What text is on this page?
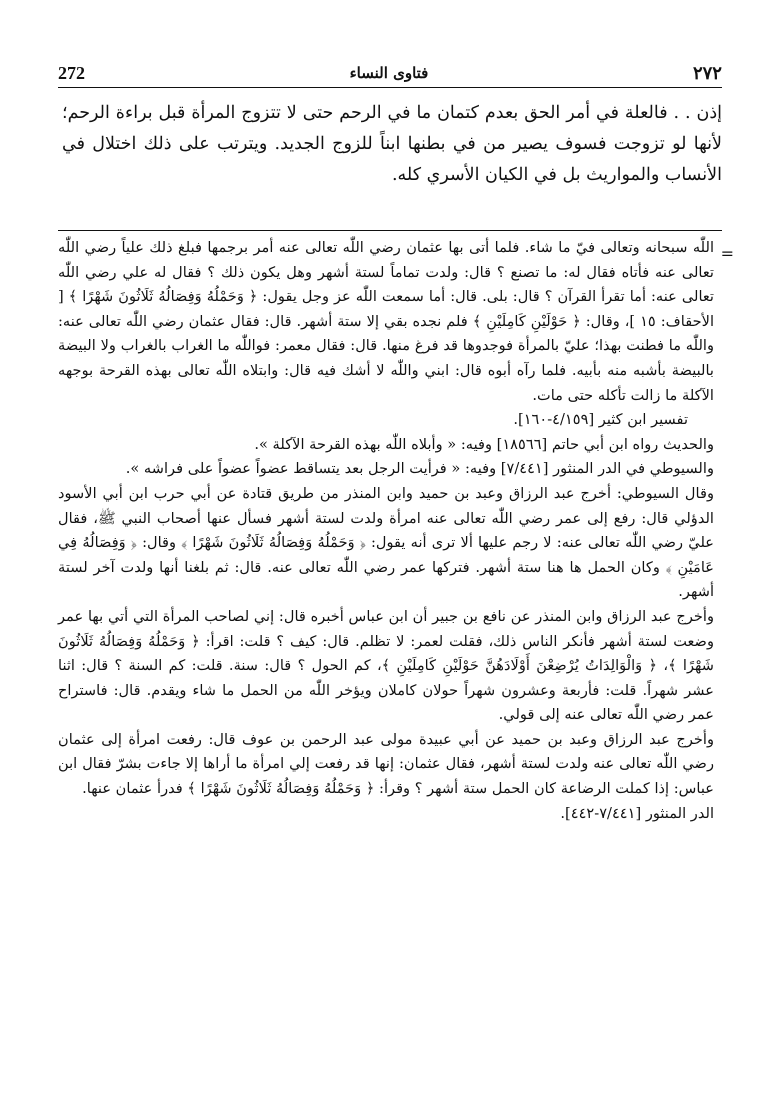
272	فتاوى النساء	٢٧٢

إذن . . فالعلة في أمر الحق بعدم كتمان ما في الرحم حتى لا تتزوج المرأة قبل براءة الرحم؛ لأنها لو تزوجت فسوف يصير من في بطنها ابناً للزوج الجديد. ويترتب على ذلك اختلال في الأنساب والمواريث بل في الكيان الأسري كله.

=

اللّٰه سبحانه وتعالى فيّ ما شاء. فلما أتى بها عثمان رضي اللّٰه تعالى عنه أمر برجمها فبلغ ذلك علياً رضي اللّٰه تعالى عنه فأتاه فقال له: ما تصنع ؟ قال: ولدت تماماً لستة أشهر وهل يكون ذلك ؟ فقال له علي رضي اللّٰه تعالى عنه: أما تقرأ القرآن ؟ قال: بلى. قال: أما سمعت اللّٰه عز وجل يقول: ﴿ وَحَمْلُهُ وَفِصَالُهُ ثَلَاثُونَ شَهْرًا ﴾ [ الأحقاف: ١٥ ]، وقال: ﴿ حَوْلَيْنِ كَامِلَيْنِ ﴾ فلم نجده بقي إلا ستة أشهر. قال: فقال عثمان رضي اللّٰه تعالى عنه: واللّٰه ما فطنت بهذا؛ عليّ بالمرأة فوجدوها قد فرغ منها. قال: فقال معمر: فواللّٰه ما الغراب بالغراب ولا البيضة بالبيضة بأشبه منه بأبيه. فلما رآه أبوه قال: ابني واللّٰه لا أشك فيه قال: وابتلاه اللّٰه تعالى بهذه القرحة بوجهه الآكلة ما زالت تأكله حتى مات.

تفسير ابن كثير [٤/١٥٩-١٦٠].

والحديث رواه ابن أبي حاتم [١٨٥٦٦] وفيه: « وأبلاه اللّٰه بهذه القرحة الآكلة ».

والسيوطي في الدر المنثور [٧/٤٤١] وفيه: « فرأيت الرجل بعد يتساقط عضواً عضواً على فراشه ».

وقال السيوطي: أخرج عبد الرزاق وعبد بن حميد وابن المنذر من طريق قتادة عن أبي حرب ابن أبي الأسود الدؤلي قال: رفع إلى عمر رضي اللّٰه تعالى عنه امرأة ولدت لستة أشهر فسأل عنها أصحاب النبي ﷺ، فقال عليّ رضي اللّٰه تعالى عنه: لا رجم عليها ألا ترى أنه يقول: ﴿ وَحَمْلُهُ وَفِصَالُهُ ثَلَاثُونَ شَهْرًا ﴾ وقال: ﴿ وَفِصَالُهُ فِي عَامَيْنِ ﴾ وكان الحمل ها هنا ستة أشهر. فتركها عمر رضي اللّٰه تعالى عنه. قال: ثم بلغنا أنها ولدت آخر لستة أشهر.

وأخرج عبد الرزاق وابن المنذر عن نافع بن جبير أن ابن عباس أخبره قال: إني لصاحب المرأة التي أتي بها عمر وضعت لستة أشهر فأنكر الناس ذلك، فقلت لعمر: لا تظلم. قال: كيف ؟ قلت: اقرأ: ﴿ وَحَمْلُهُ وَفِصَالُهُ ثَلَاثُونَ شَهْرًا ﴾، ﴿ وَالْوَالِدَاتُ يُرْضِعْنَ أَوْلَادَهُنَّ حَوْلَيْنِ كَامِلَيْنِ ﴾، كم الحول ؟ قال: سنة. قلت: كم السنة ؟ قال: اثنا عشر شهراً. قلت: فأربعة وعشرون شهراً حولان كاملان ويؤخر اللّٰه من الحمل ما شاء ويقدم. قال: فاستراح عمر رضي اللّٰه تعالى عنه إلى قولي.

وأخرج عبد الرزاق وعبد بن حميد عن أبي عبيدة مولى عبد الرحمن بن عوف قال: رفعت امرأة إلى عثمان رضي اللّٰه تعالى عنه ولدت لستة أشهر، فقال عثمان: إنها قد رفعت إلي امرأة ما أراها إلا جاءت بشرّ فقال ابن عباس: إذا كملت الرضاعة كان الحمل ستة أشهر ؟ وقرأ: ﴿ وَحَمْلُهُ وَفِصَالُهُ ثَلَاثُونَ شَهْرًا ﴾ فدرأ عثمان عنها.

الدر المنثور [٧/٤٤١-٤٤٢].
